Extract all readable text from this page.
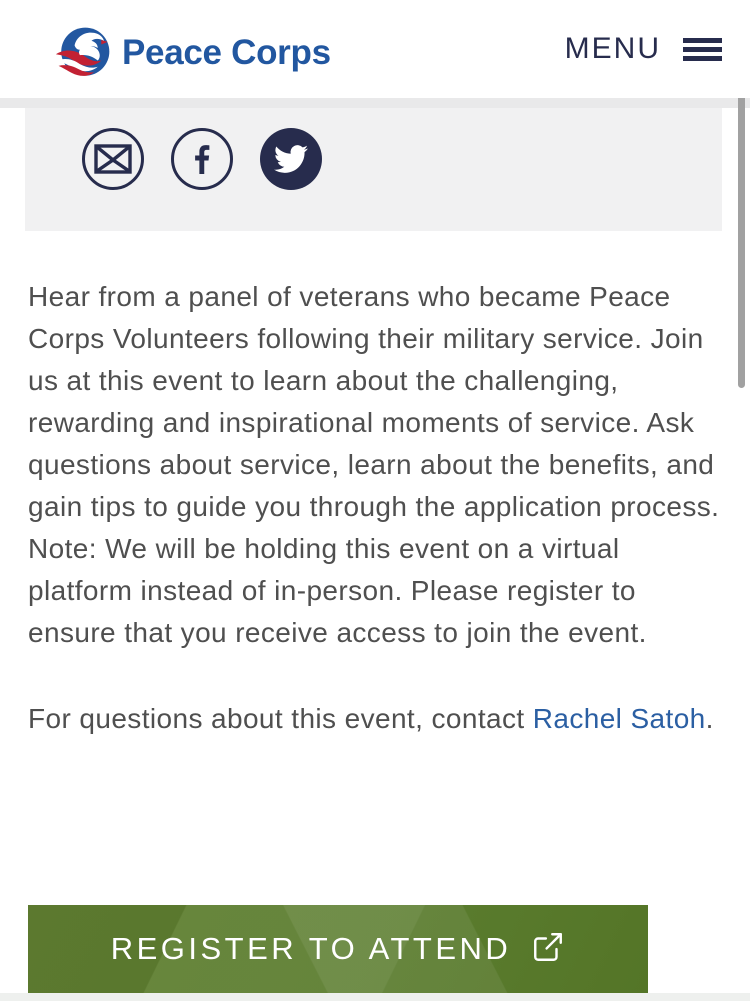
Peace Corps	MENU

Hear from a panel of veterans who became Peace Corps Volunteers following their military service. Join us at this event to learn about the challenging, rewarding and inspirational moments of service. Ask questions about service, learn about the benefits, and gain tips to guide you through the application process. Note: We will be holding this event on a virtual platform instead of in-person. Please register to ensure that you receive access to join the event.

For questions about this event, contact Rachel Satoh.

REGISTER TO ATTEND
